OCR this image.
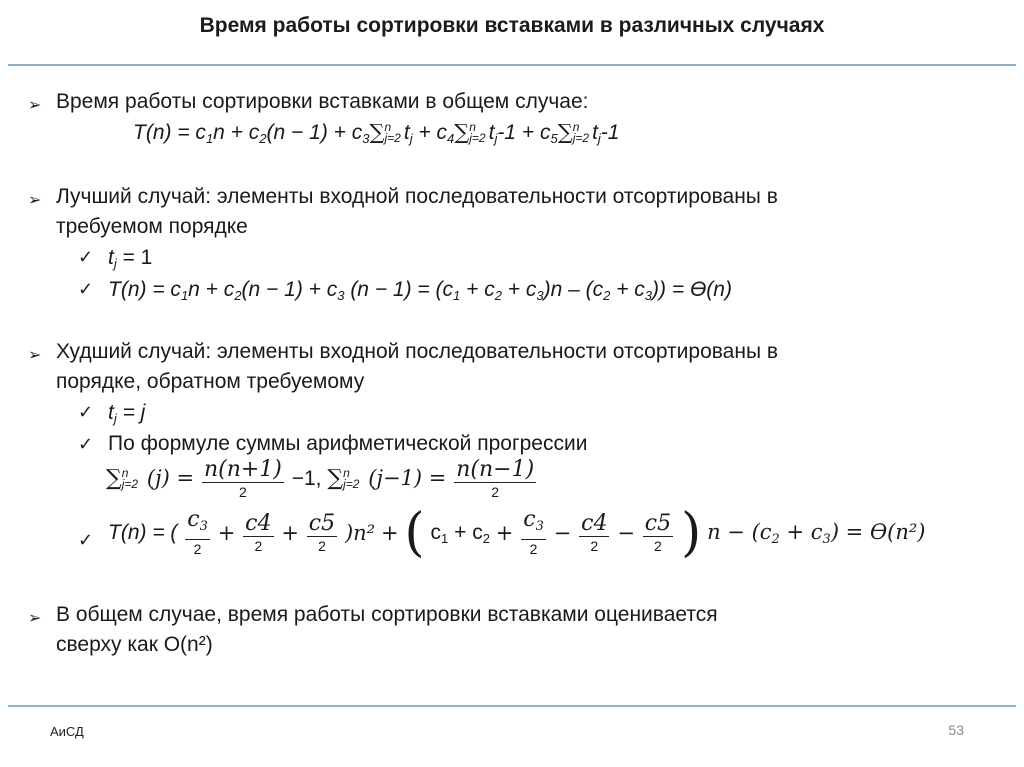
Время работы сортировки вставками в различных случаях
➢ Время работы сортировки вставками в общем случае:
$T(n) = c_1n + c_2(n - 1) + c_3\sum$ n
j=2 $t_j + c_4\sum$ n
j=2 $t_j-1 + c_5\sum$ n
j=2 $t_j-1$
➢ Лучший случай: элементы входной последовательности отсортированы в
требуемом порядке
✓ $t_j = 1$
✓ $T(n) = c_1n + c_2(n - 1) + c_3$ $(n - 1) = (c_1 + c_2 + c_3)n - (c_2 + c_3)) = Ө(n)$
➢ Худший случай: элементы входной последовательности отсортированы в
порядке, обратном требуемому
✓ $t_j = j$
✓ По формуле суммы арифметической прогрессии
∑ n
j=2 $(j) = \frac{n(n+1)}{2} -1$, ∑ n
j=2 $(j-1) = \frac{n(n-1)}{2}$
✓ T(n) = ( $\frac{c_3}{2} + \frac{c4}{2} + \frac{c5}{2} )n^2$ + ( $c_1 + c_2 + \frac{c_3}{2} - \frac{c4}{2} - \frac{c5}{2}$ ) $n - (c_2 + c_3) = Ө(n^2)$
➢ В общем случае, время работы сортировки вставками оценивается
сверху как O(n²)
АиСД	53
